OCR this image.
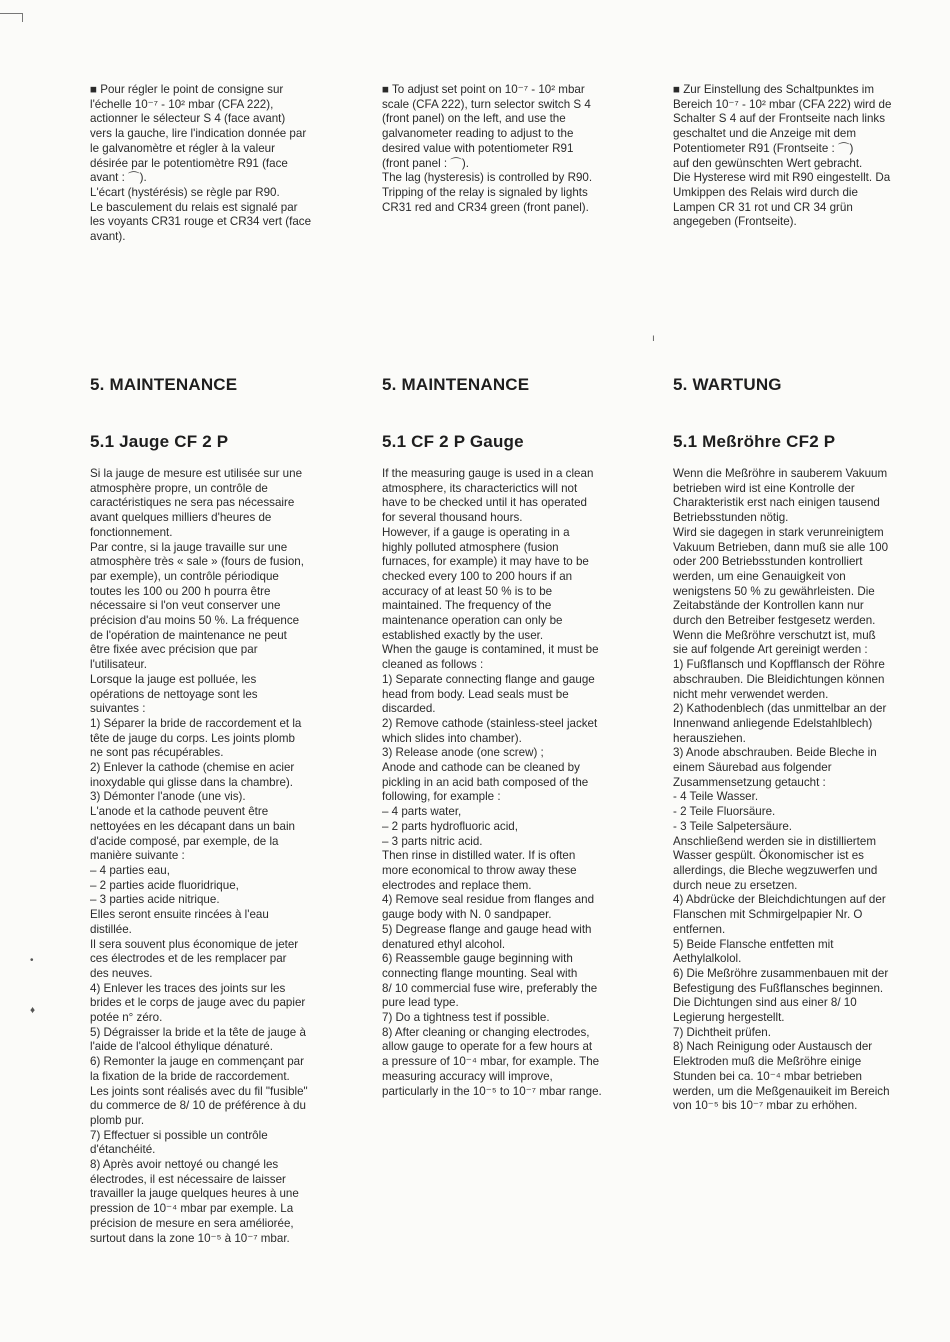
ı
•
♦
■ Pour régler le point de consigne sur
l'échelle 10⁻⁷ - 10² mbar (CFA 222),
actionner le sélecteur S 4 (face avant)
vers la gauche, lire l'indication donnée par
le galvanomètre et régler à la valeur
désirée par le potentiomètre R91 (face
avant : ⌒).
L'écart (hystérésis) se règle par R90.
Le basculement du relais est signalé par
les voyants CR31 rouge et CR34 vert (face
avant).
5. MAINTENANCE
5.1 Jauge CF 2 P
Si la jauge de mesure est utilisée sur une
atmosphère propre, un contrôle de
caractéristiques ne sera pas nécessaire
avant quelques milliers d'heures de
fonctionnement.
Par contre, si la jauge travaille sur une
atmosphère très « sale » (fours de fusion,
par exemple), un contrôle périodique
toutes les 100 ou 200 h pourra être
nécessaire si l'on veut conserver une
précision d'au moins 50 %. La fréquence
de l'opération de maintenance ne peut
être fixée avec précision que par
l'utilisateur.
Lorsque la jauge est polluée, les
opérations de nettoyage sont les
suivantes :
1) Séparer la bride de raccordement et la
tête de jauge du corps. Les joints plomb
ne sont pas récupérables.
2) Enlever la cathode (chemise en acier
inoxydable qui glisse dans la chambre).
3) Démonter l'anode (une vis).
L'anode et la cathode peuvent être
nettoyées en les décapant dans un bain
d'acide composé, par exemple, de la
manière suivante :
– 4 parties eau,
– 2 parties acide fluoridrique,
– 3 parties acide nitrique.
Elles seront ensuite rincées à l'eau
distillée.
Il sera souvent plus économique de jeter
ces électrodes et de les remplacer par
des neuves.
4) Enlever les traces des joints sur les
brides et le corps de jauge avec du papier
potée n° zéro.
5) Dégraisser la bride et la tête de jauge à
l'aide de l'alcool éthylique dénaturé.
6) Remonter la jauge en commençant par
la fixation de la bride de raccordement.
Les joints sont réalisés avec du fil "fusible"
du commerce de 8/ 10 de préférence à du
plomb pur.
7) Effectuer si possible un contrôle
d'étanchéité.
8) Après avoir nettoyé ou changé les
électrodes, il est nécessaire de laisser
travailler la jauge quelques heures à une
pression de 10⁻⁴ mbar par exemple. La
précision de mesure en sera améliorée,
surtout dans la zone 10⁻⁵ à 10⁻⁷ mbar.
■ To adjust set point on 10⁻⁷ - 10² mbar
scale (CFA 222), turn selector switch S 4
(front panel) on the left, and use the
galvanometer reading to adjust to the
desired value with potentiometer R91
(front panel : ⌒).
The lag (hysteresis) is controlled by R90.
Tripping of the relay is signaled by lights
CR31 red and CR34 green (front panel).
5. MAINTENANCE
5.1 CF 2 P Gauge
If the measuring gauge is used in a clean
atmosphere, its characterictics will not
have to be checked until it has operated
for several thousand hours.
However, if a gauge is operating in a
highly polluted atmosphere (fusion
furnaces, for example) it may have to be
checked every 100 to 200 hours if an
accuracy of at least 50 % is to be
maintained. The frequency of the
maintenance operation can only be
established exactly by the user.
When the gauge is contamined, it must be
cleaned as follows :
1) Separate connecting flange and gauge
head from body. Lead seals must be
discarded.
2) Remove cathode (stainless-steel jacket
which slides into chamber).
3) Release anode (one screw) ;
Anode and cathode can be cleaned by
pickling in an acid bath composed of the
following, for example :
– 4 parts water,
– 2 parts hydrofluoric acid,
– 3 parts nitric acid.
Then rinse in distilled water. If is often
more economical to throw away these
electrodes and replace them.
4) Remove seal residue from flanges and
gauge body with N. 0 sandpaper.
5) Degrease flange and gauge head with
denatured ethyl alcohol.
6) Reassemble gauge beginning with
connecting flange mounting. Seal with
8/ 10 commercial fuse wire, preferably the
pure lead type.
7) Do a tightness test if possible.
8) After cleaning or changing electrodes,
allow gauge to operate for a few hours at
a pressure of 10⁻⁴ mbar, for example. The
measuring accuracy will improve,
particularly in the 10⁻⁵ to 10⁻⁷ mbar range.
■ Zur Einstellung des Schaltpunktes im
Bereich 10⁻⁷ - 10² mbar (CFA 222) wird de
Schalter S 4 auf der Frontseite nach links
geschaltet und die Anzeige mit dem
Potentiometer R91 (Frontseite : ⌒)
auf den gewünschten Wert gebracht.
Die Hysterese wird mit R90 eingestellt. Da
Umkippen des Relais wird durch die
Lampen CR 31 rot und CR 34 grün
angegeben (Frontseite).
5. WARTUNG
5.1 Meßröhre CF2 P
Wenn die Meßröhre in sauberem Vakuum
betrieben wird ist eine Kontrolle der
Charakteristik erst nach einigen tausend
Betriebsstunden nötig.
Wird sie dagegen in stark verunreinigtem
Vakuum Betrieben, dann muß sie alle 100
oder 200 Betriebsstunden kontrolliert
werden, um eine Genauigkeit von
wenigstens 50 % zu gewährleisten. Die
Zeitabstände der Kontrollen kann nur
durch den Betreiber festgesetz werden.
Wenn die Meßröhre verschutzt ist, muß
sie auf folgende Art gereinigt werden :
1) Fußflansch und Kopfflansch der Röhre
abschrauben. Die Bleidichtungen können
nicht mehr verwendet werden.
2) Kathodenblech (das unmittelbar an der
Innenwand anliegende Edelstahlblech)
herausziehen.
3) Anode abschrauben. Beide Bleche in
einem Säurebad aus folgender
Zusammensetzung getaucht :
- 4 Teile Wasser.
- 2 Teile Fluorsäure.
- 3 Teile Salpetersäure.
Anschließend werden sie in distilliertem
Wasser gespült. Ökonomischer ist es
allerdings, die Bleche wegzuwerfen und
durch neue zu ersetzen.
4) Abdrücke der Bleichdichtungen auf der
Flanschen mit Schmirgelpapier Nr. O
entfernen.
5) Beide Flansche entfetten mit
Aethylalkolol.
6) Die Meßröhre zusammenbauen mit der
Befestigung des Fußflansches beginnen.
Die Dichtungen sind aus einer 8/ 10
Legierung hergestellt.
7) Dichtheit prüfen.
8) Nach Reinigung oder Austausch der
Elektroden muß die Meßröhre einige
Stunden bei ca. 10⁻⁴ mbar betrieben
werden, um die Meßgenauikeit im Bereich
von 10⁻⁵ bis 10⁻⁷ mbar zu erhöhen.
